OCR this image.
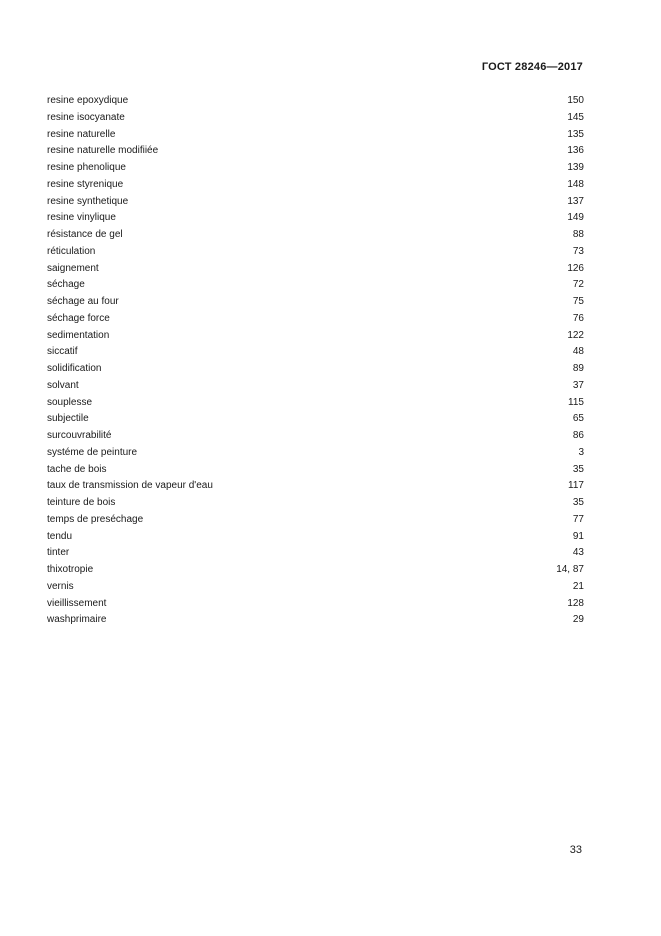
ГОСТ 28246—2017
resine epoxydique	150
resine isocyanate	145
resine naturelle	135
resine naturelle modifiiée	136
resine phenolique	139
resine styrenique	148
resine synthetique	137
resine vinylique	149
résistance de gel	88
réticulation	73
saignement	126
séchage	72
séchage au four	75
séchage force	76
sedimentation	122
siccatif	48
solidification	89
solvant	37
souplesse	115
subjectile	65
surcouvrabilité	86
systéme de peinture	3
tache de bois	35
taux de transmission de vapeur d'eau	117
teinture de bois	35
temps de preséchage	77
tendu	91
tinter	43
thixotropie	14, 87
vernis	21
vieillissement	128
washprimaire	29
33
